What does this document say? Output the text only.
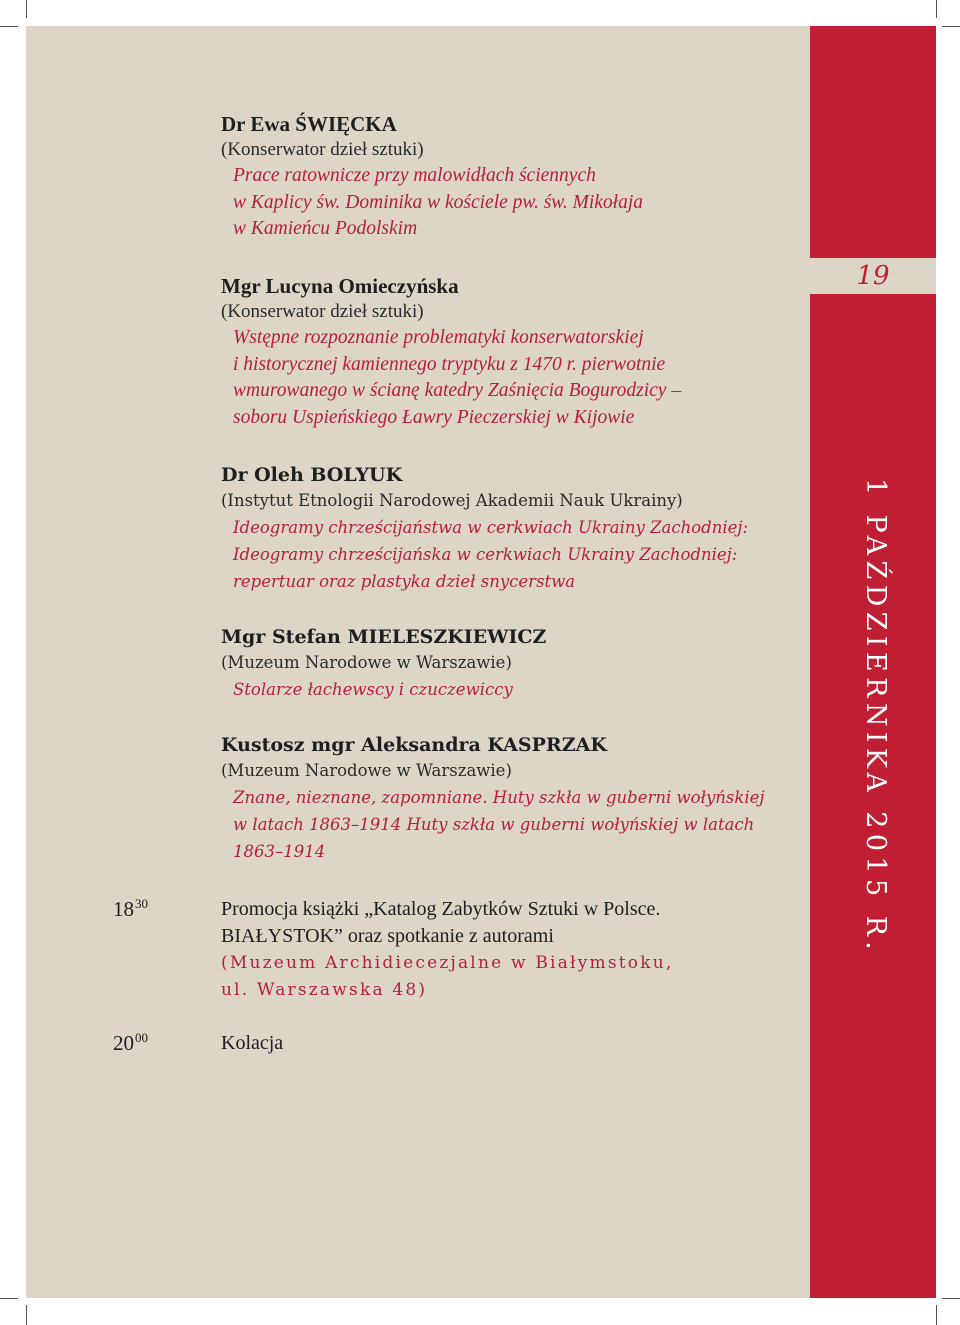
19
1 PAŹDZIERNIKA 2015 R.
Dr Ewa ŚWIĘCKA
(Konserwator dzieł sztuki)
Prace ratownicze przy malowidłach ściennych
w Kaplicy św. Dominika w kościele pw. św. Mikołaja
w Kamieńcu Podolskim
Mgr Lucyna Omieczyńska
(Konserwator dzieł sztuki)
Wstępne rozpoznanie problematyki konserwatorskiej
i historycznej kamiennego tryptyku z 1470 r. pierwotnie
wmurowanego w ścianę katedry Zaśnięcia Bogurodzicy –
soboru Uspieńskiego Ławry Pieczerskiej w Kijowie
Dr Oleh BOLYUK
(Instytut Etnologii Narodowej Akademii Nauk Ukrainy)
Ideogramy chrześcijaństwa w cerkwiach Ukrainy Zachodniej:
Ideogramy chrześcijańska w cerkwiach Ukrainy Zachodniej:
repertuar oraz plastyka dzieł snycerstwa
Mgr Stefan MIELESZKIEWICZ
(Muzeum Narodowe w Warszawie)
Stolarze łachewscy i czuczewiccy
Kustosz mgr Aleksandra KASPRZAK
(Muzeum Narodowe w Warszawie)
Znane, nieznane, zapomniane. Huty szkła w guberni wołyńskiej
w latach 1863–1914 Huty szkła w guberni wołyńskiej w latach
1863–1914
$18^{30}$	Promocja książki „Katalog Zabytków Sztuki w Polsce.
BIAŁYSTOK” oraz spotkanie z autorami
(Muzeum Archidiecezjalne w Białymstoku,
ul. Warszawska 48)
$20^{00}$	Kolacja
